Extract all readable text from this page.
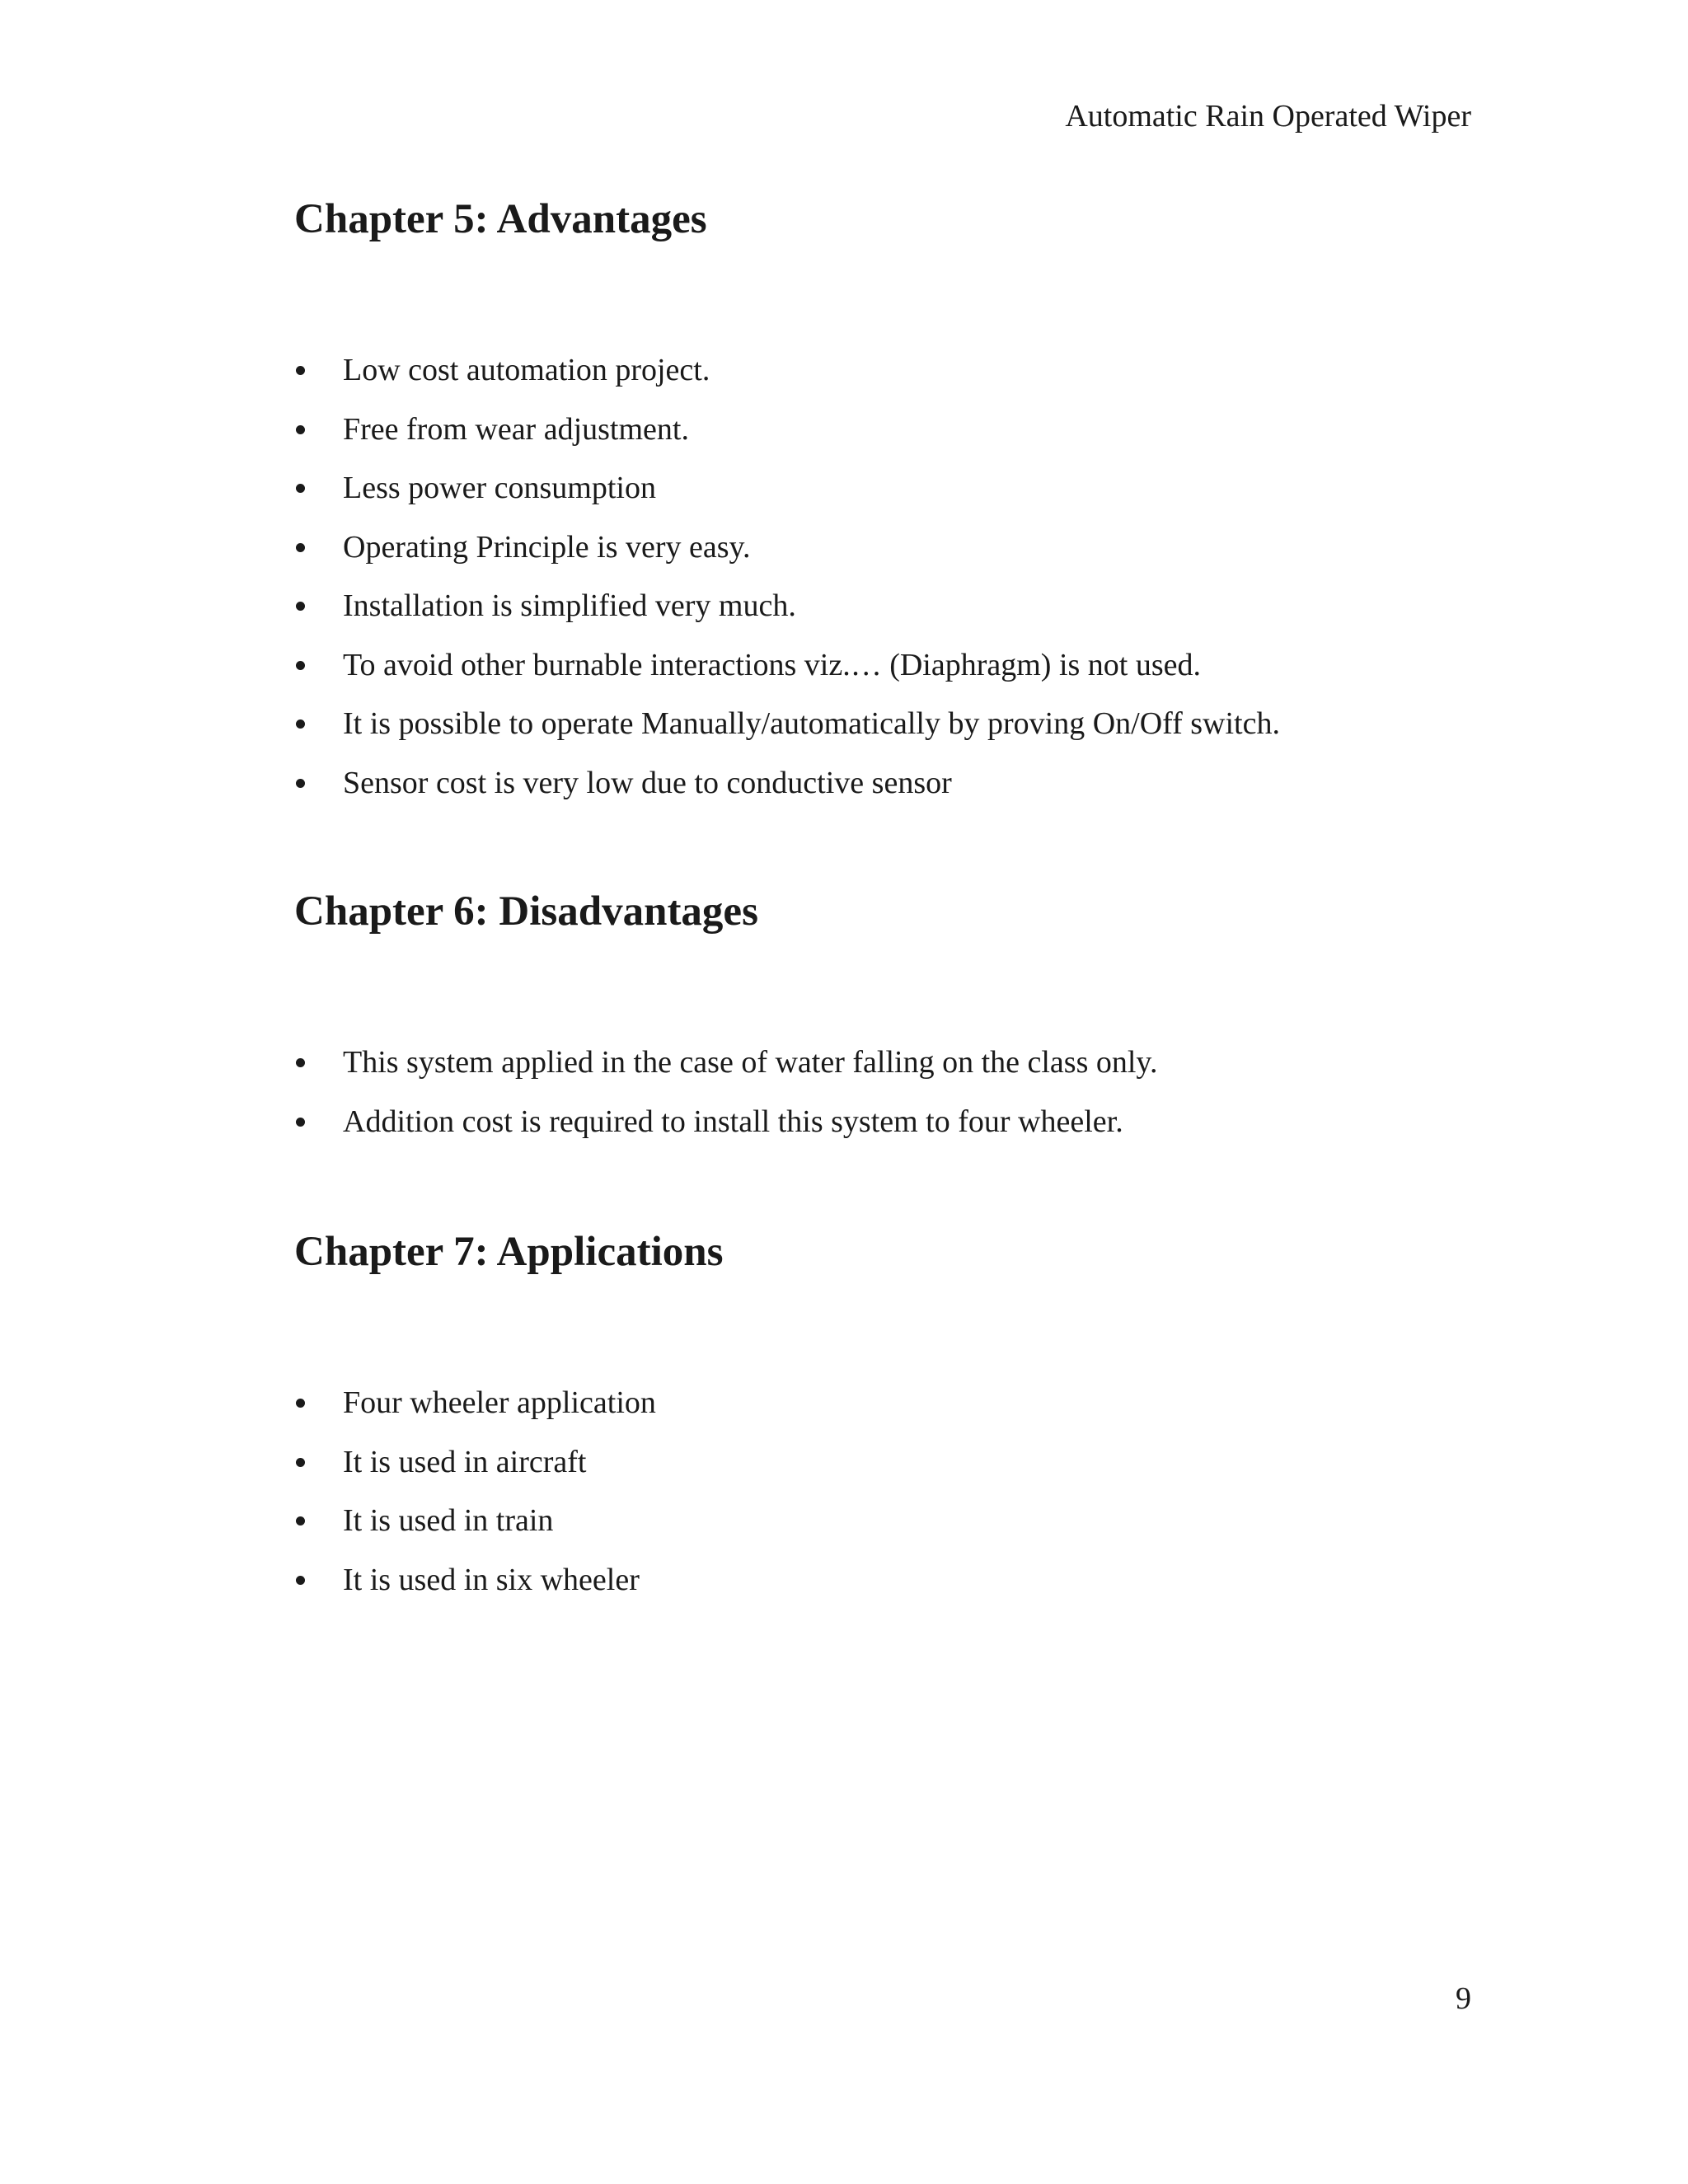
Automatic Rain Operated Wiper
Chapter 5: Advantages
Low cost automation project.
Free from wear adjustment.
Less power consumption
Operating Principle is very easy.
Installation is simplified very much.
To avoid other burnable interactions viz.… (Diaphragm) is not used.
It is possible to operate Manually/automatically by proving On/Off switch.
Sensor cost is very low due to conductive sensor
Chapter 6: Disadvantages
This system applied in the case of water falling on the class only.
Addition cost is required to install this system to four wheeler.
Chapter 7: Applications
Four wheeler application
It is used in aircraft
It is used in train
It is used in six wheeler
9
